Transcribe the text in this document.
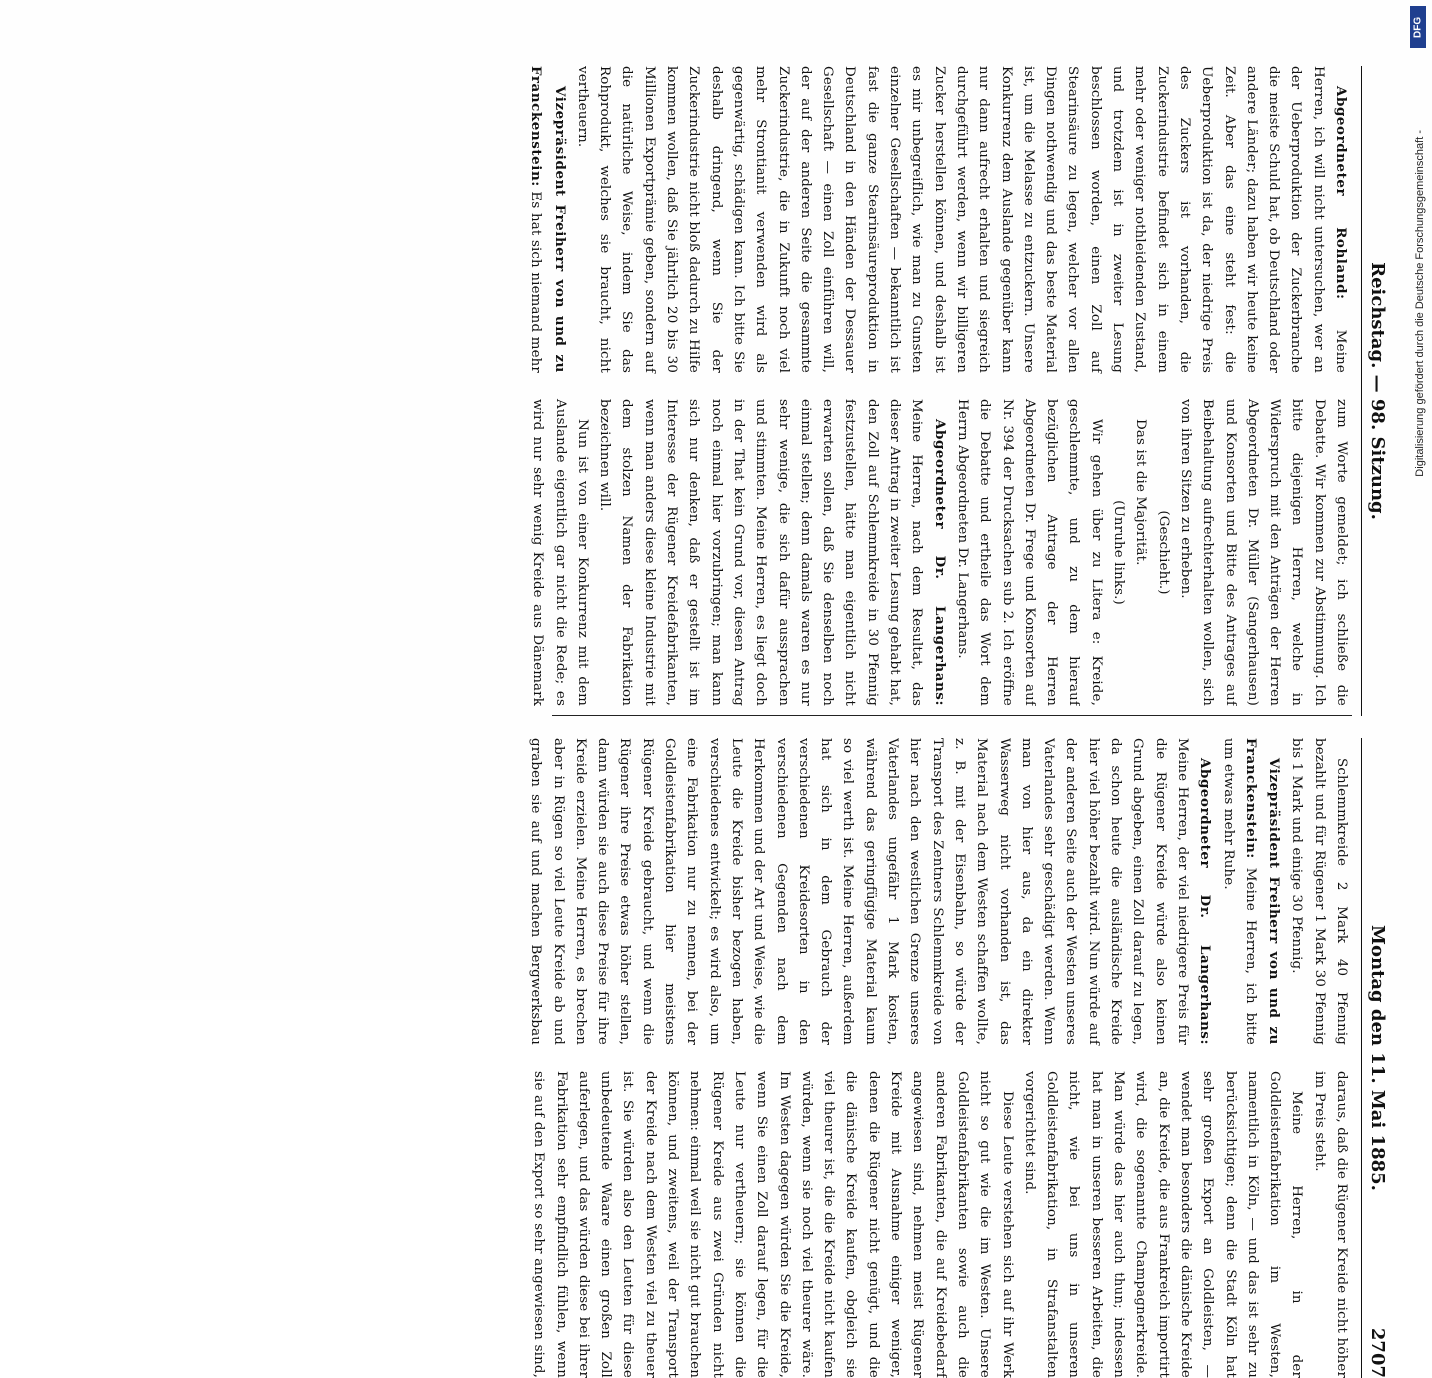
DFG
Digitalisierung gefördert durch die Deutsche Forschungsgemeinschaft -
Reichstag. — 98. Sitzung.
Montag den 11. Mai 1885.
2707

Abgeordneter Rohland: Meine Herren, ich will nicht untersuchen, wer an der Ueberproduktion der Zuckerbranche die meiste Schuld hat, ob Deutschland oder andere Länder; dazu haben wir heute keine Zeit. Aber das eine steht fest: die Ueberproduktion ist da, der niedrige Preis des Zuckers ist vorhanden, die Zuckerindustrie befindet sich in einem mehr oder weniger nothleidenden Zustand, und trotzdem ist in zweiter Lesung beschlossen worden, einen Zoll auf Stearinsäure zu legen, welcher vor allen Dingen nothwendig und das beste Material ist, um die Melasse zu entzuckern. Unsere Konkurrenz dem Auslande gegenüber kann nur dann aufrecht erhalten und siegreich durchgeführt werden, wenn wir billigeren Zucker herstellen können, und deshalb ist es mir unbegreiflich, wie man zu Gunsten einzelner Gesellschaften — bekanntlich ist fast die ganze Stearinsäureproduktion in Deutschland in den Händen der Dessauer Gesellschaft — einen Zoll einführen will, der auf der anderen Seite die gesammte Zuckerindustrie, die in Zukunft noch viel mehr Strontianit verwenden wird als gegenwärtig, schädigen kann. Ich bitte Sie deshalb dringend, wenn Sie der Zuckerindustrie nicht bloß dadurch zu Hilfe kommen wollen, daß Sie jährlich 20 bis 30 Millionen Exportprämie geben, sondern auf die natürliche Weise, indem Sie das Rohprodukt, welches sie braucht, nicht vertheuern.

Vizepräsident Freiherr von und zu Franckenstein: Es hat sich niemand mehr zum Worte gemeldet; ich schließe die Debatte. Wir kommen zur Abstimmung. Ich bitte diejenigen Herren, welche in Widerspruch mit den Anträgen der Herren Abgeordneten Dr. Müller (Sangerhausen) und Konsorten und Bitte des Antrages auf Beibehaltung aufrechterhalten wollen, sich von ihren Sitzen zu erheben.

(Geschieht.)

Das ist die Majorität.

(Unruhe links.)

Wir gehen über zu Litera e: Kreide, geschlemmte, und zu dem hierauf bezüglichen Antrage der Herren Abgeordneten Dr. Frege und Konsorten auf Nr. 394 der Drucksachen sub 2. Ich eröffne die Debatte und ertheile das Wort dem Herrn Abgeordneten Dr. Langerhans.

Abgeordneter Dr. Langerhans: Meine Herren, nach dem Resultat, das dieser Antrag in zweiter Lesung gehabt hat, den Zoll auf Schlemmkreide in 30 Pfennig festzustellen, hätte man eigentlich nicht erwarten sollen, daß Sie denselben noch einmal stellen; denn damals waren es nur sehr wenige, die sich dafür aussprachen und stimmten. Meine Herren, es liegt doch in der That kein Grund vor, diesen Antrag noch einmal hier vorzubringen; man kann sich nur denken, daß er gestellt ist im Interesse der Rügener Kreidefabrikanten, wenn man anders diese kleine Industrie mit dem stolzen Namen der Fabrikation bezeichnen will.

Nun ist von einer Konkurrenz mit dem Auslande eigentlich gar nicht die Rede; es wird nur sehr wenig Kreide aus Dänemark

Schlemmkreide 2 Mark 40 Pfennig bezahlt und für Rügener 1 Mark 30 Pfennig bis 1 Mark und einige 30 Pfennig.

Vizepräsident Freiherr von und zu Franckenstein: Meine Herren, ich bitte um etwas mehr Ruhe.

Abgeordneter Dr. Langerhans: Meine Herren, der viel niedrigere Preis für die Rügener Kreide würde also keinen Grund abgeben, einen Zoll darauf zu legen, da schon heute die ausländische Kreide hier viel höher bezahlt wird. Nun würde auf der anderen Seite auch der Westen unseres Vaterlandes sehr geschädigt werden. Wenn man von hier aus, da ein direkter Wasserweg nicht vorhanden ist, das Material nach dem Westen schaffen wollte, z. B. mit der Eisenbahn, so würde der Transport des Zentners Schlemmkreide von hier nach den westlichen Grenze unseres Vaterlandes ungefähr 1 Mark kosten, während das geringfügige Material kaum so viel werth ist. Meine Herren, außerdem hat sich in dem Gebrauch der verschiedenen Kreidesorten in den verschiedenen Gegenden nach dem Herkommen und der Art und Weise, wie die Leute die Kreide bisher bezogen haben, verschiedenes entwickelt; es wird also, um eine Fabrikation nur zu nennen, bei der Goldleistenfabrikation hier meistens Rügener Kreide gebraucht, und wenn die Rügener ihre Preise etwas höher stellen, dann würden sie auch diese Preise für ihre Kreide erzielen. Meine Herren, es brechen aber in Rügen so viel Leute Kreide ab und graben sie auf und machen Bergwerksbau daraus, daß die Rügener Kreide nicht höher im Preis steht.

Meine Herren, in der Goldleistenfabrikation im Westen, namentlich in Köln, — und das ist sehr zu berücksichtigen; denn die Stadt Köln hat sehr großen Export an Goldleisten, — wendet man besonders die dänische Kreide an, die Kreide, die aus Frankreich importirt wird, die sogenannte Champagnerkreide. Man würde das hier auch thun; indessen hat man in unseren besseren Arbeiten, die nicht, wie bei uns in unseren Goldleistenfabrikation, in Strafanstalten vorgerichtet sind.

Diese Leute verstehen sich auf ihr Werk nicht so gut wie die im Westen. Unsere Goldleistenfabrikanten sowie auch die anderen Fabrikanten, die auf Kreidebedarf angewiesen sind, nehmen meist Rügener Kreide mit Ausnahme einiger weniger, denen die Rügener nicht genügt, und die die dänische Kreide kaufen, obgleich sie viel theurer ist, die die Kreide nicht kaufen würden, wenn sie noch viel theurer wäre. Im Westen dagegen würden Sie die Kreide, wenn Sie einen Zoll darauf legen, für die Leute nur vertheuern; sie können die Rügener Kreide aus zwei Gründen nicht nehmen: einmal weil sie nicht gut brauchen können, und zweitens, weil der Transport der Kreide nach dem Westen viel zu theuer ist. Sie würden also den Leuten für diese unbedeutende Waare einen großen Zoll auferlegen, und das würden diese bei ihrer Fabrikation sehr empfindlich fühlen, wenn sie auf den Export so sehr angewiesen sind,
